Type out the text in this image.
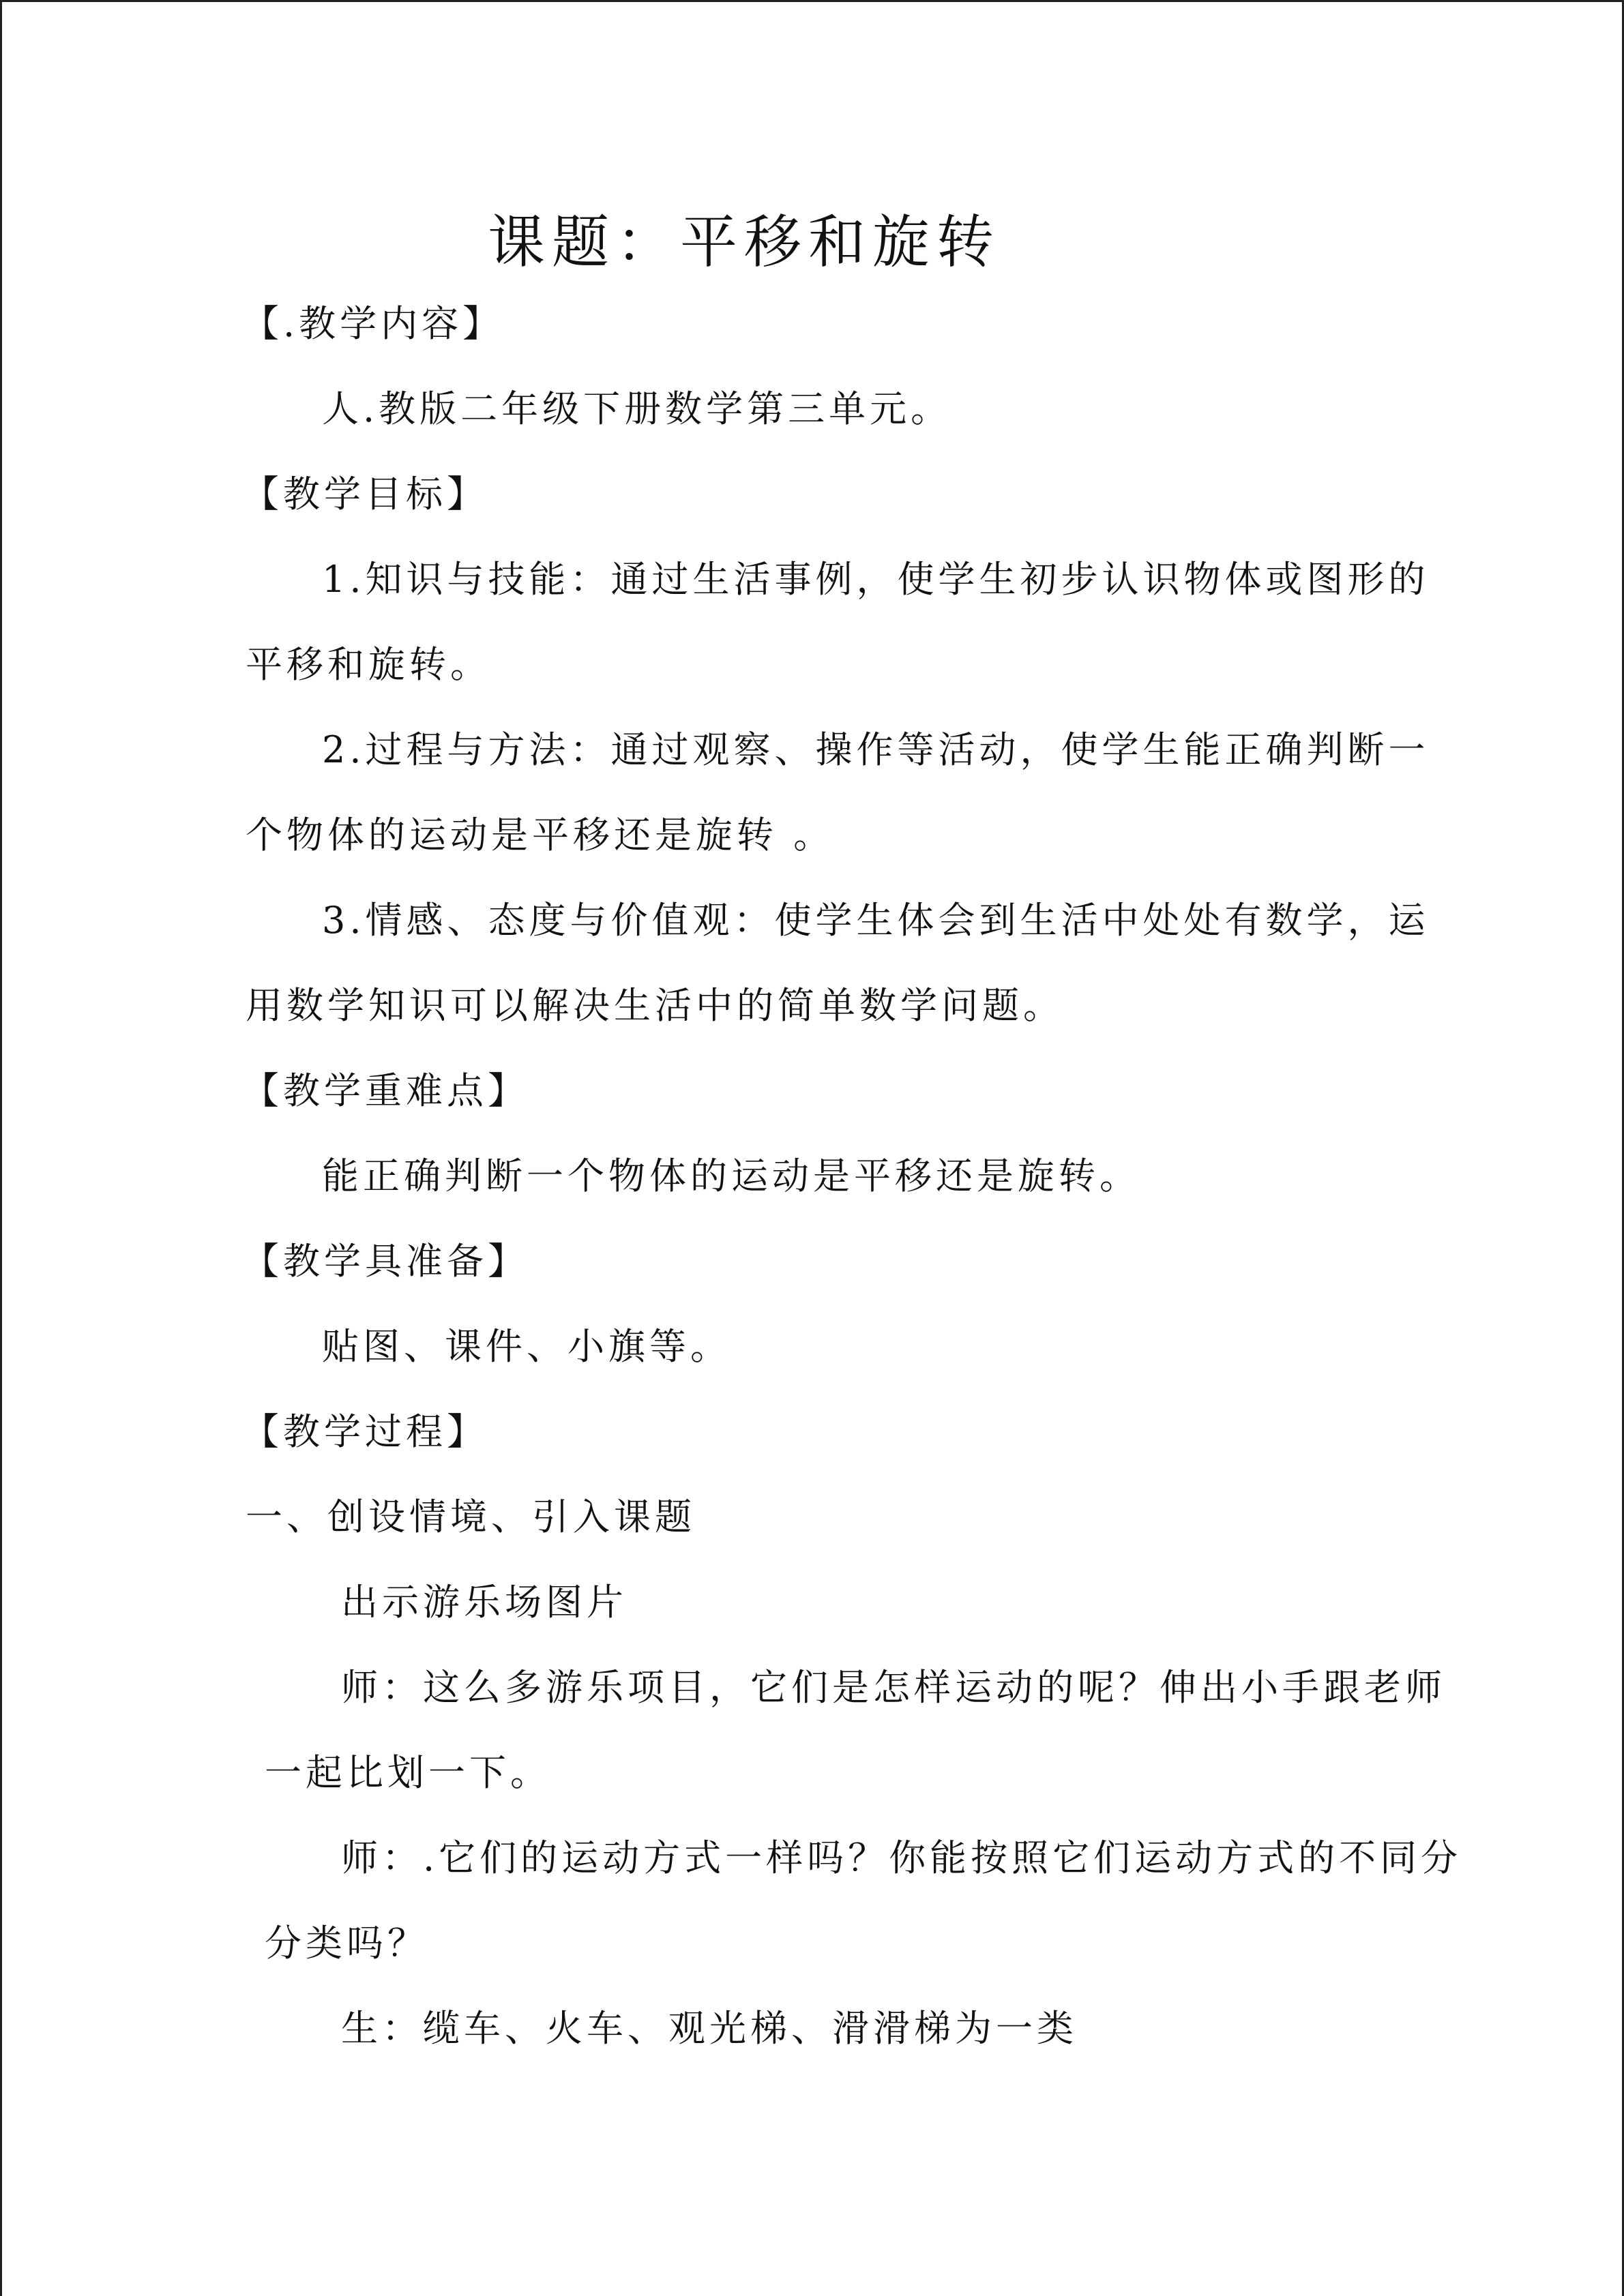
课题：平移和旋转
【.教学内容】
人.教版二年级下册数学第三单元。
【教学目标】
1.知识与技能：通过生活事例，使学生初步认识物体或图形的
平移和旋转。
2.过程与方法：通过观察、操作等活动，使学生能正确判断一
个物体的运动是平移还是旋转 。
3.情感、态度与价值观：使学生体会到生活中处处有数学，运
用数学知识可以解决生活中的简单数学问题。
【教学重难点】
能正确判断一个物体的运动是平移还是旋转。
【教学具准备】
贴图、课件、小旗等。
【教学过程】
一、创设情境、引入课题
出示游乐场图片
师：这么多游乐项目，它们是怎样运动的呢？伸出小手跟老师
一起比划一下。
师：.它们的运动方式一样吗？你能按照它们运动方式的不同分
分类吗？
生：缆车、火车、观光梯、滑滑梯为一类
